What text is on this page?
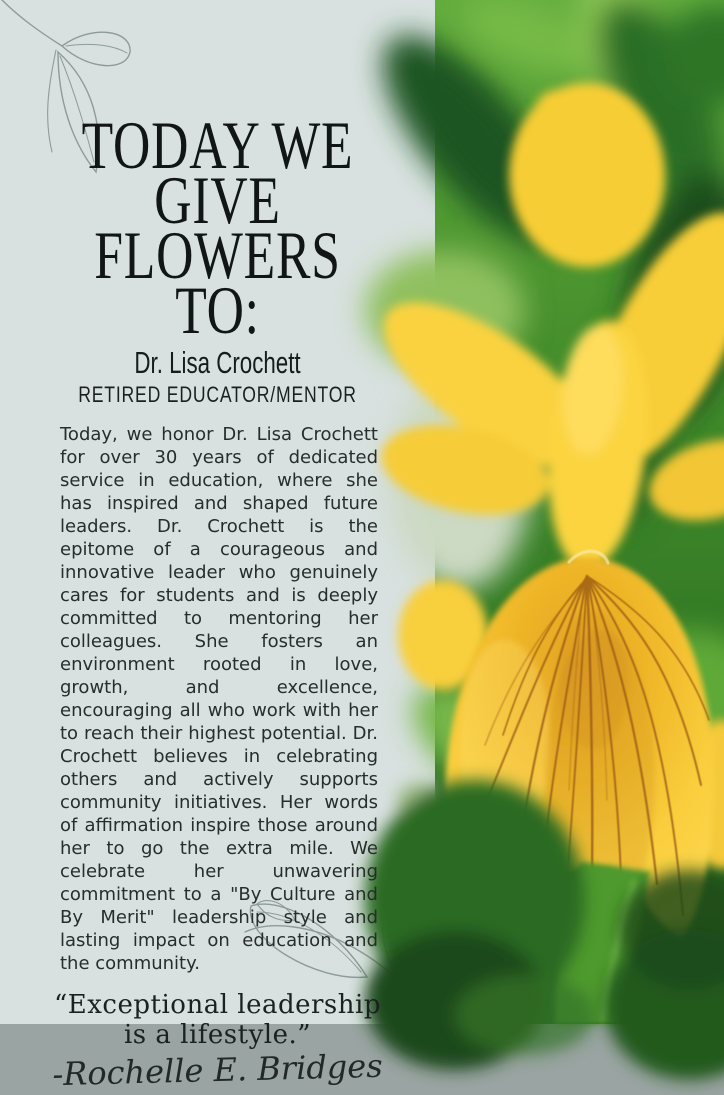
TODAY WE
GIVE
FLOWERS TO:
Dr. Lisa Crochett
RETIRED EDUCATOR/MENTOR

Today, we honor Dr. Lisa Crochett for over 30 years of dedicated service in education, where she has inspired and shaped future leaders. Dr. Crochett is the epitome of a courageous and innovative leader who genuinely cares for students and is deeply committed to mentoring her colleagues. She fosters an environment rooted in love, growth, and excellence, encouraging all who work with her to reach their highest potential. Dr. Crochett believes in celebrating others and actively supports community initiatives. Her words of affirmation inspire those around her to go the extra mile. We celebrate her unwavering commitment to a "By Culture and By Merit" leadership style and lasting impact on education and the community.

“Exceptional leadership
is a lifestyle.”
-Rochelle E. Bridges
